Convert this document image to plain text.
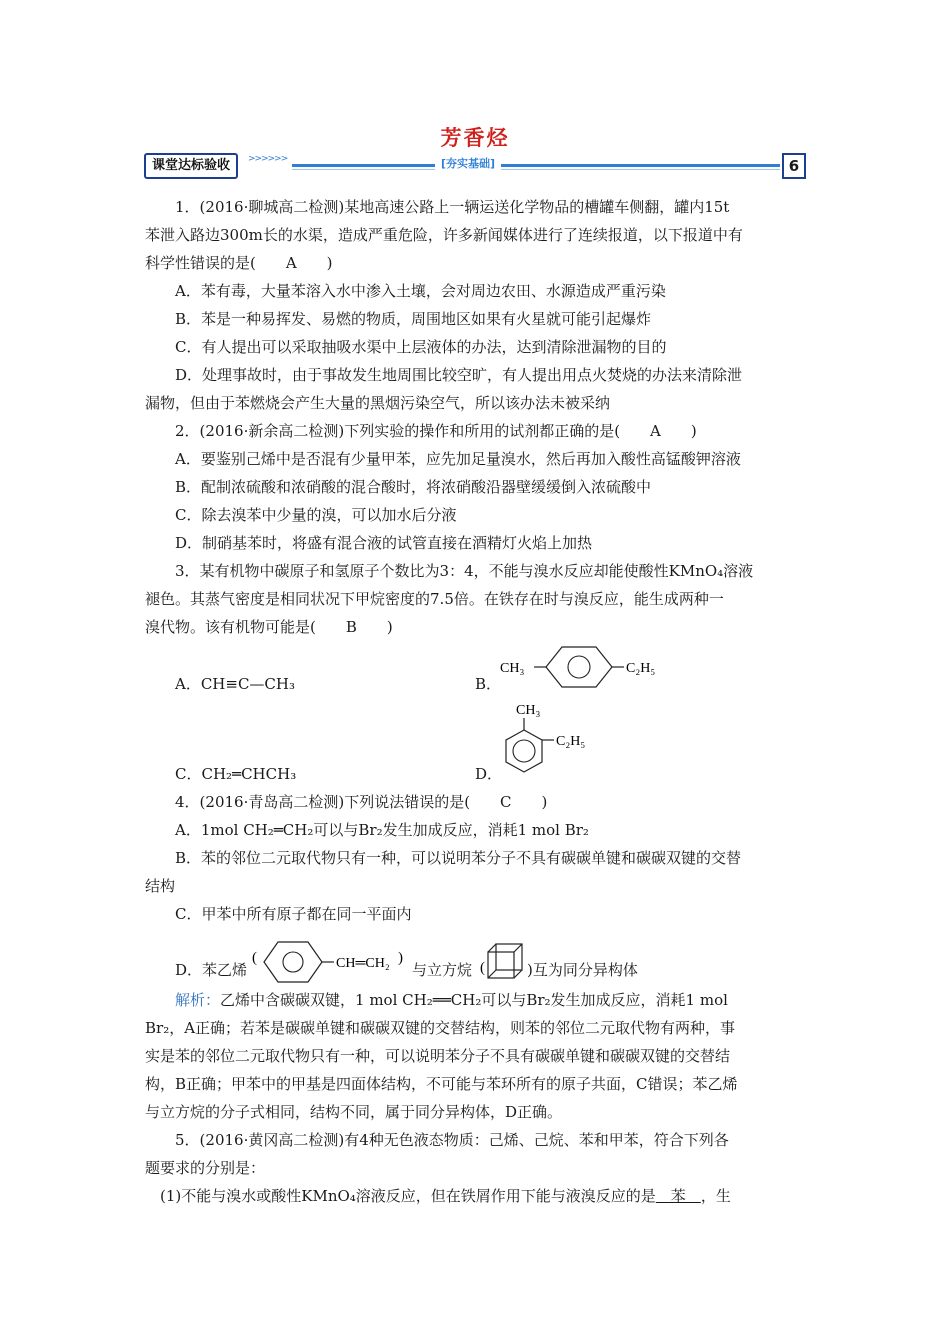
芳香烃
课堂达标验收	>>>>>>	[夯实基础]	6
1．(2016·聊城高二检测)某地高速公路上一辆运送化学物品的槽罐车侧翻，罐内15t
苯泄入路边300m长的水渠，造成严重危险，许多新闻媒体进行了连续报道，以下报道中有
科学性错误的是(　　A　　)
A．苯有毒，大量苯溶入水中渗入土壤，会对周边农田、水源造成严重污染
B．苯是一种易挥发、易燃的物质，周围地区如果有火星就可能引起爆炸
C．有人提出可以采取抽吸水渠中上层液体的办法，达到清除泄漏物的目的
D．处理事故时，由于事故发生地周围比较空旷，有人提出用点火焚烧的办法来清除泄
漏物，但由于苯燃烧会产生大量的黑烟污染空气，所以该办法未被采纳
2．(2016·新余高二检测)下列实验的操作和所用的试剂都正确的是(　　A　　)
A．要鉴别己烯中是否混有少量甲苯，应先加足量溴水，然后再加入酸性高锰酸钾溶液
B．配制浓硫酸和浓硝酸的混合酸时，将浓硝酸沿器壁缓缓倒入浓硫酸中
C．除去溴苯中少量的溴，可以加水后分液
D．制硝基苯时，将盛有混合液的试管直接在酒精灯火焰上加热
3．某有机物中碳原子和氢原子个数比为3：4，不能与溴水反应却能使酸性KMnO₄溶液
褪色。其蒸气密度是相同状况下甲烷密度的7.5倍。在铁存在时与溴反应，能生成两种一
溴代物。该有机物可能是(　　B　　)
A．CH≡C—CH₃	B．
CH₃	C₂H₅
CH₃
C₂H₅
C．CH₂═CHCH₃	D．
4．(2016·青岛高二检测)下列说法错误的是(　　C　　)
A．1mol CH₂═CH₂可以与Br₂发生加成反应，消耗1 mol Br₂
B．苯的邻位二元取代物只有一种，可以说明苯分子不具有碳碳单键和碳碳双键的交替
结构
C．甲苯中所有原子都在同一平面内
D．苯乙烯
(	CH═CH₂ )
与立方烷 (	)互为同分异构体
解析：乙烯中含碳碳双键，1 mol CH₂══CH₂可以与Br₂发生加成反应，消耗1 mol
Br₂，A正确；若苯是碳碳单键和碳碳双键的交替结构，则苯的邻位二元取代物有两种，事
实是苯的邻位二元取代物只有一种，可以说明苯分子不具有碳碳单键和碳碳双键的交替结
构，B正确；甲苯中的甲基是四面体结构，不可能与苯环所有的原子共面，C错误；苯乙烯
与立方烷的分子式相同，结构不同，属于同分异构体，D正确。
5．(2016·黄冈高二检测)有4种无色液态物质：己烯、己烷、苯和甲苯，符合下列各
题要求的分别是：
(1)不能与溴水或酸性KMnO₄溶液反应，但在铁屑作用下能与液溴反应的是　苯　，生
